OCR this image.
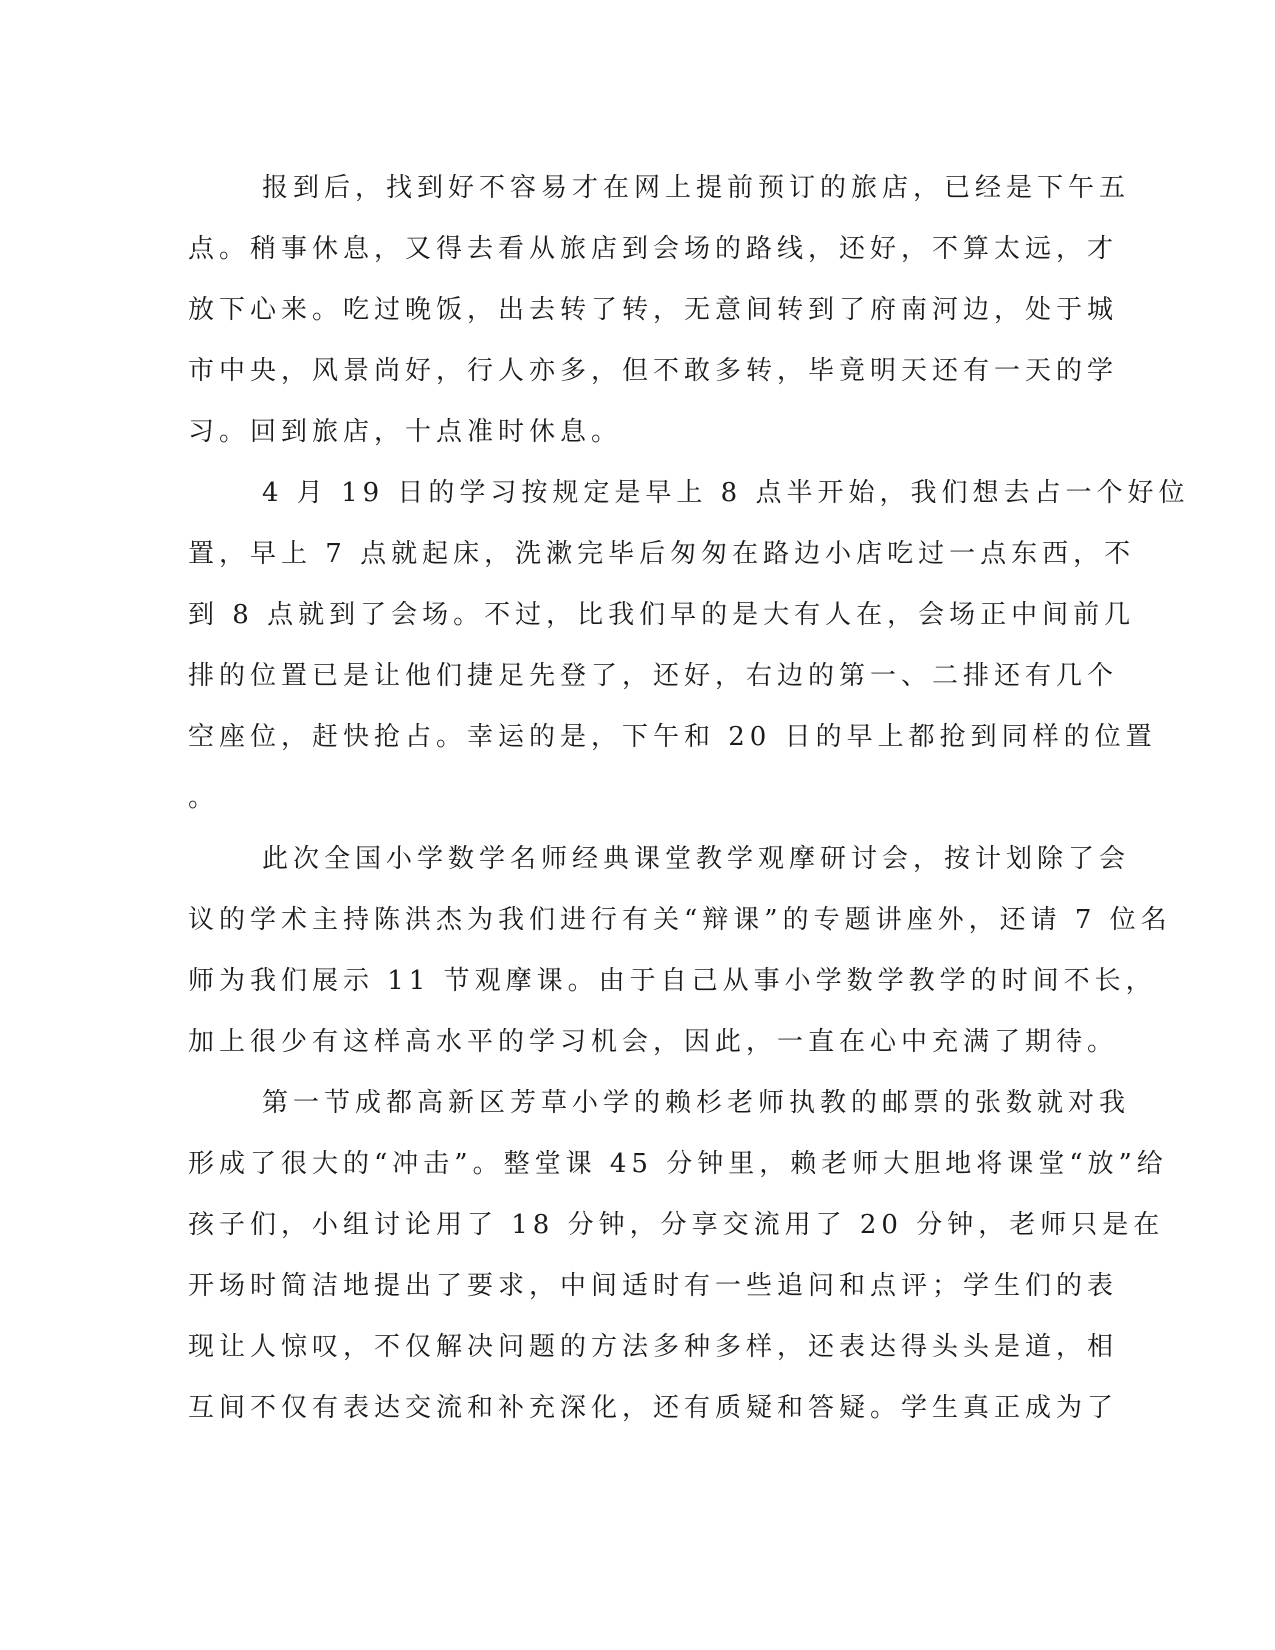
报到后，找到好不容易才在网上提前预订的旅店，已经是下午五
点。稍事休息，又得去看从旅店到会场的路线，还好，不算太远，才
放下心来。吃过晚饭，出去转了转，无意间转到了府南河边，处于城
市中央，风景尚好，行人亦多，但不敢多转，毕竟明天还有一天的学
习。回到旅店，十点准时休息。
4 月 19 日的学习按规定是早上 8 点半开始，我们想去占一个好位
置，早上 7 点就起床，洗漱完毕后匆匆在路边小店吃过一点东西，不
到 8 点就到了会场。不过，比我们早的是大有人在，会场正中间前几
排的位置已是让他们捷足先登了，还好，右边的第一、二排还有几个
空座位，赶快抢占。幸运的是，下午和 20 日的早上都抢到同样的位置
。
此次全国小学数学名师经典课堂教学观摩研讨会，按计划除了会
议的学术主持陈洪杰为我们进行有关“辩课”的专题讲座外，还请 7 位名
师为我们展示 11 节观摩课。由于自己从事小学数学教学的时间不长，
加上很少有这样高水平的学习机会，因此，一直在心中充满了期待。
第一节成都高新区芳草小学的赖杉老师执教的邮票的张数就对我
形成了很大的“冲击”。整堂课 45 分钟里，赖老师大胆地将课堂“放”给
孩子们，小组讨论用了 18 分钟，分享交流用了 20 分钟，老师只是在
开场时简洁地提出了要求，中间适时有一些追问和点评；学生们的表
现让人惊叹，不仅解决问题的方法多种多样，还表达得头头是道，相
互间不仅有表达交流和补充深化，还有质疑和答疑。学生真正成为了
